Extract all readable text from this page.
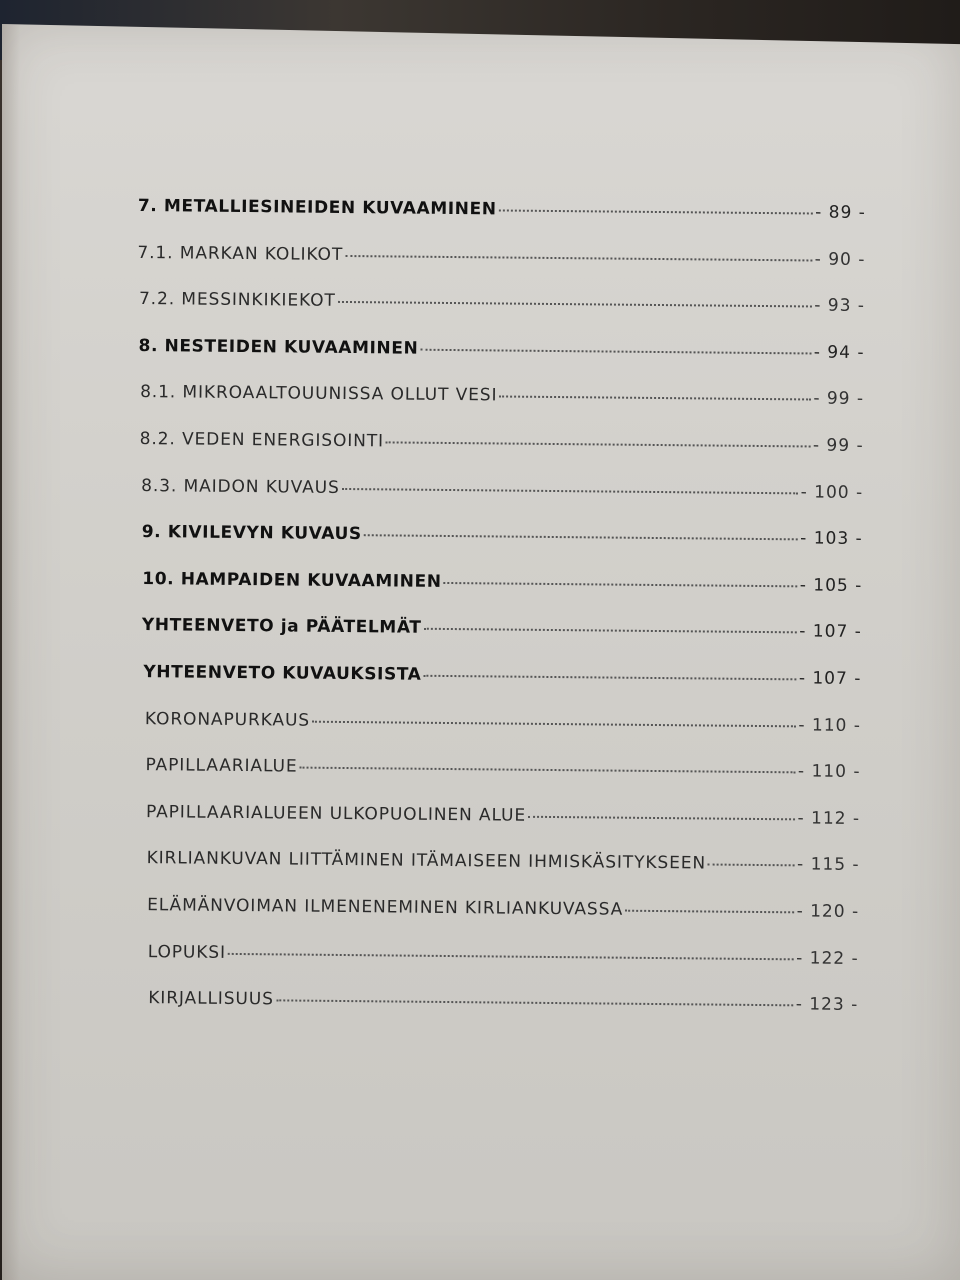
7. METALLIESINEIDEN KUVAAMINEN	- 89 -
7.1. MARKAN KOLIKOT	- 90 -
7.2. MESSINKIKIEKOT	- 93 -
8. NESTEIDEN KUVAAMINEN	- 94 -
8.1. MIKROAALTOUUNISSA OLLUT VESI	- 99 -
8.2. VEDEN ENERGISOINTI	- 99 -
8.3. MAIDON KUVAUS	- 100 -
9. KIVILEVYN KUVAUS	- 103 -
10. HAMPAIDEN KUVAAMINEN	- 105 -
YHTEENVETO ja PÄÄTELMÄT	- 107 -
YHTEENVETO KUVAUKSISTA	- 107 -
KORONAPURKAUS	- 110 -
PAPILLAARIALUE	- 110 -
PAPILLAARIALUEEN ULKOPUOLINEN ALUE	- 112 -
KIRLIANKUVAN LIITTÄMINEN ITÄMAISEEN IHMISKÄSITYKSEEN	- 115 -
ELÄMÄNVOIMAN ILMENENEMINEN KIRLIANKUVASSA	- 120 -
LOPUKSI	- 122 -
KIRJALLISUUS	- 123 -
